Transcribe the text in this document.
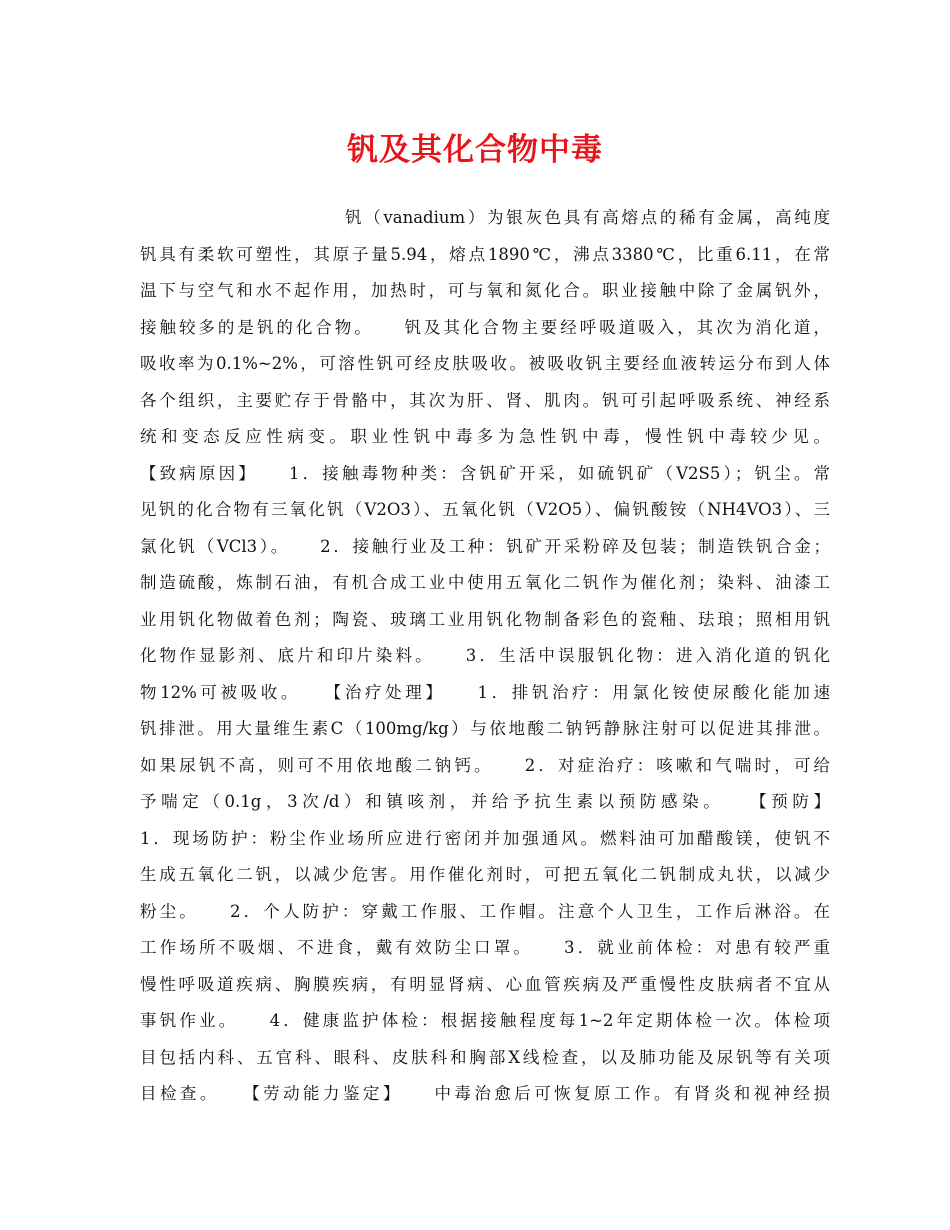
钒及其化合物中毒
钒（vanadium）为银灰色具有高熔点的稀有金属，高纯度
钒具有柔软可塑性，其原子量5.94，熔点1890℃，沸点3380℃，比重6.11，在常
温下与空气和水不起作用，加热时，可与氧和氮化合。职业接触中除了金属钒外，
接触较多的是钒的化合物。　　钒及其化合物主要经呼吸道吸入，其次为消化道，
吸收率为0.1%~2%，可溶性钒可经皮肤吸收。被吸收钒主要经血液转运分布到人体
各个组织，主要贮存于骨骼中，其次为肝、肾、肌肉。钒可引起呼吸系统、神经系
统和变态反应性病变。职业性钒中毒多为急性钒中毒，慢性钒中毒较少见。
【致病原因】　　1．接触毒物种类：含钒矿开采，如硫钒矿（V2S5）；钒尘。常
见钒的化合物有三氧化钒（V2O3）、五氧化钒（V2O5）、偏钒酸铵（NH4VO3）、三
氯化钒（VCl3）。　　2．接触行业及工种：钒矿开采粉碎及包装；制造铁钒合金；
制造硫酸，炼制石油，有机合成工业中使用五氧化二钒作为催化剂；染料、油漆工
业用钒化物做着色剂；陶瓷、玻璃工业用钒化物制备彩色的瓷釉、珐琅；照相用钒
化物作显影剂、底片和印片染料。　　3．生活中误服钒化物：进入消化道的钒化
物12%可被吸收。　　【治疗处理】　　1．排钒治疗：用氯化铵使尿酸化能加速
钒排泄。用大量维生素C（100mg/kg）与依地酸二钠钙静脉注射可以促进其排泄。
如果尿钒不高，则可不用依地酸二钠钙。　　2．对症治疗：咳嗽和气喘时，可给
予喘定（0.1g，3次/d）和镇咳剂，并给予抗生素以预防感染。　　【预防】
1．现场防护：粉尘作业场所应进行密闭并加强通风。燃料油可加醋酸镁，使钒不
生成五氧化二钒，以减少危害。用作催化剂时，可把五氧化二钒制成丸状，以减少
粉尘。　　2．个人防护：穿戴工作服、工作帽。注意个人卫生，工作后淋浴。在
工作场所不吸烟、不进食，戴有效防尘口罩。　　3．就业前体检：对患有较严重
慢性呼吸道疾病、胸膜疾病，有明显肾病、心血管疾病及严重慢性皮肤病者不宜从
事钒作业。　　4．健康监护体检：根据接触程度每1~2年定期体检一次。体检项
目包括内科、五官科、眼科、皮肤科和胸部X线检查，以及肺功能及尿钒等有关项
目检查。　　【劳动能力鉴定】　　中毒治愈后可恢复原工作。有肾炎和视神经损
